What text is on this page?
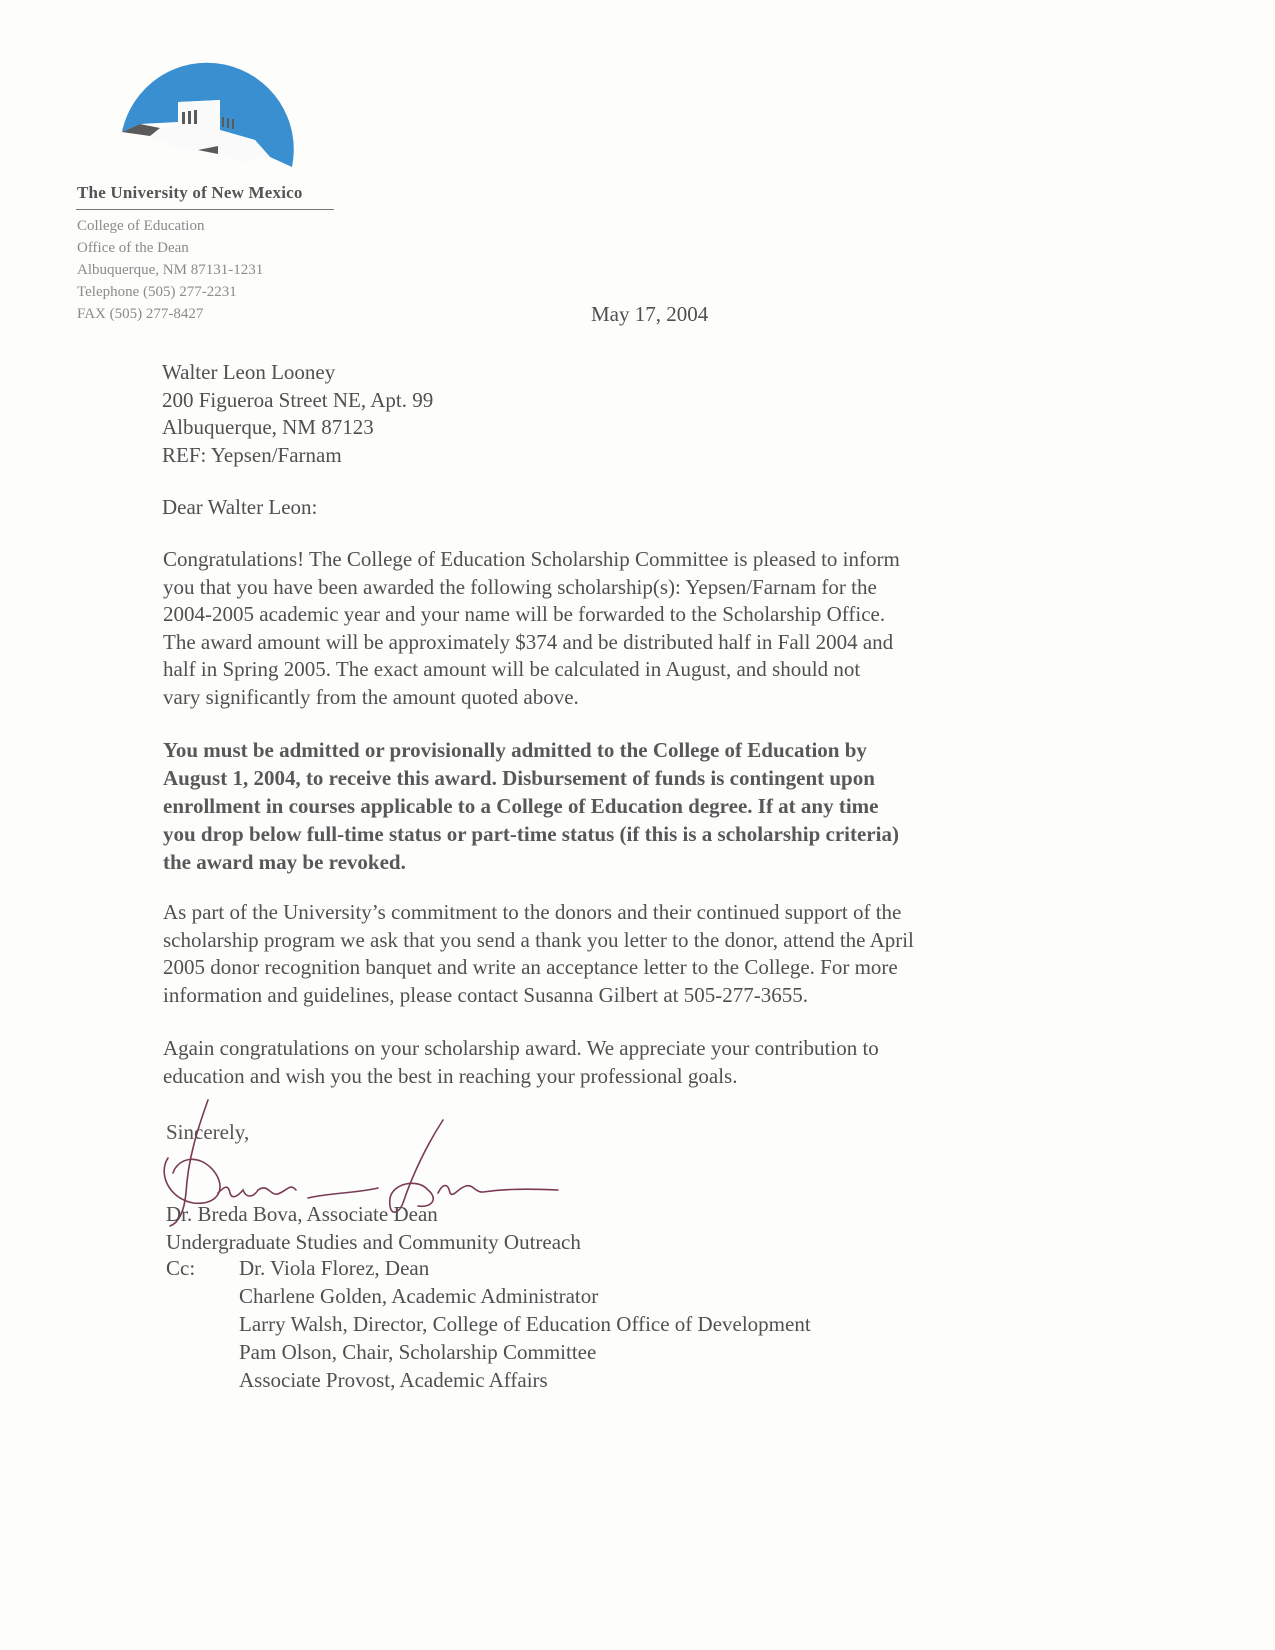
The University of New Mexico
College of Education
Office of the Dean
Albuquerque, NM 87131-1231
Telephone (505) 277-2231
FAX (505) 277-8427	May 17, 2004
Walter Leon Looney
200 Figueroa Street NE, Apt. 99
Albuquerque, NM 87123
REF: Yepsen/Farnam
Dear Walter Leon:
Congratulations! The College of Education Scholarship Committee is pleased to inform
you that you have been awarded the following scholarship(s): Yepsen/Farnam for the
2004-2005 academic year and your name will be forwarded to the Scholarship Office.
The award amount will be approximately $374 and be distributed half in Fall 2004 and
half in Spring 2005. The exact amount will be calculated in August, and should not
vary significantly from the amount quoted above.
You must be admitted or provisionally admitted to the College of Education by
August 1, 2004, to receive this award. Disbursement of funds is contingent upon
enrollment in courses applicable to a College of Education degree. If at any time
you drop below full-time status or part-time status (if this is a scholarship criteria)
the award may be revoked.
As part of the University’s commitment to the donors and their continued support of the
scholarship program we ask that you send a thank you letter to the donor, attend the April
2005 donor recognition banquet and write an acceptance letter to the College. For more
information and guidelines, please contact Susanna Gilbert at 505-277-3655.
Again congratulations on your scholarship award. We appreciate your contribution to
education and wish you the best in reaching your professional goals.
Sincerely,
Dr. Breda Bova, Associate Dean
Undergraduate Studies and Community Outreach
Cc: Dr. Viola Florez, Dean
Charlene Golden, Academic Administrator
Larry Walsh, Director, College of Education Office of Development
Pam Olson, Chair, Scholarship Committee
Associate Provost, Academic Affairs
